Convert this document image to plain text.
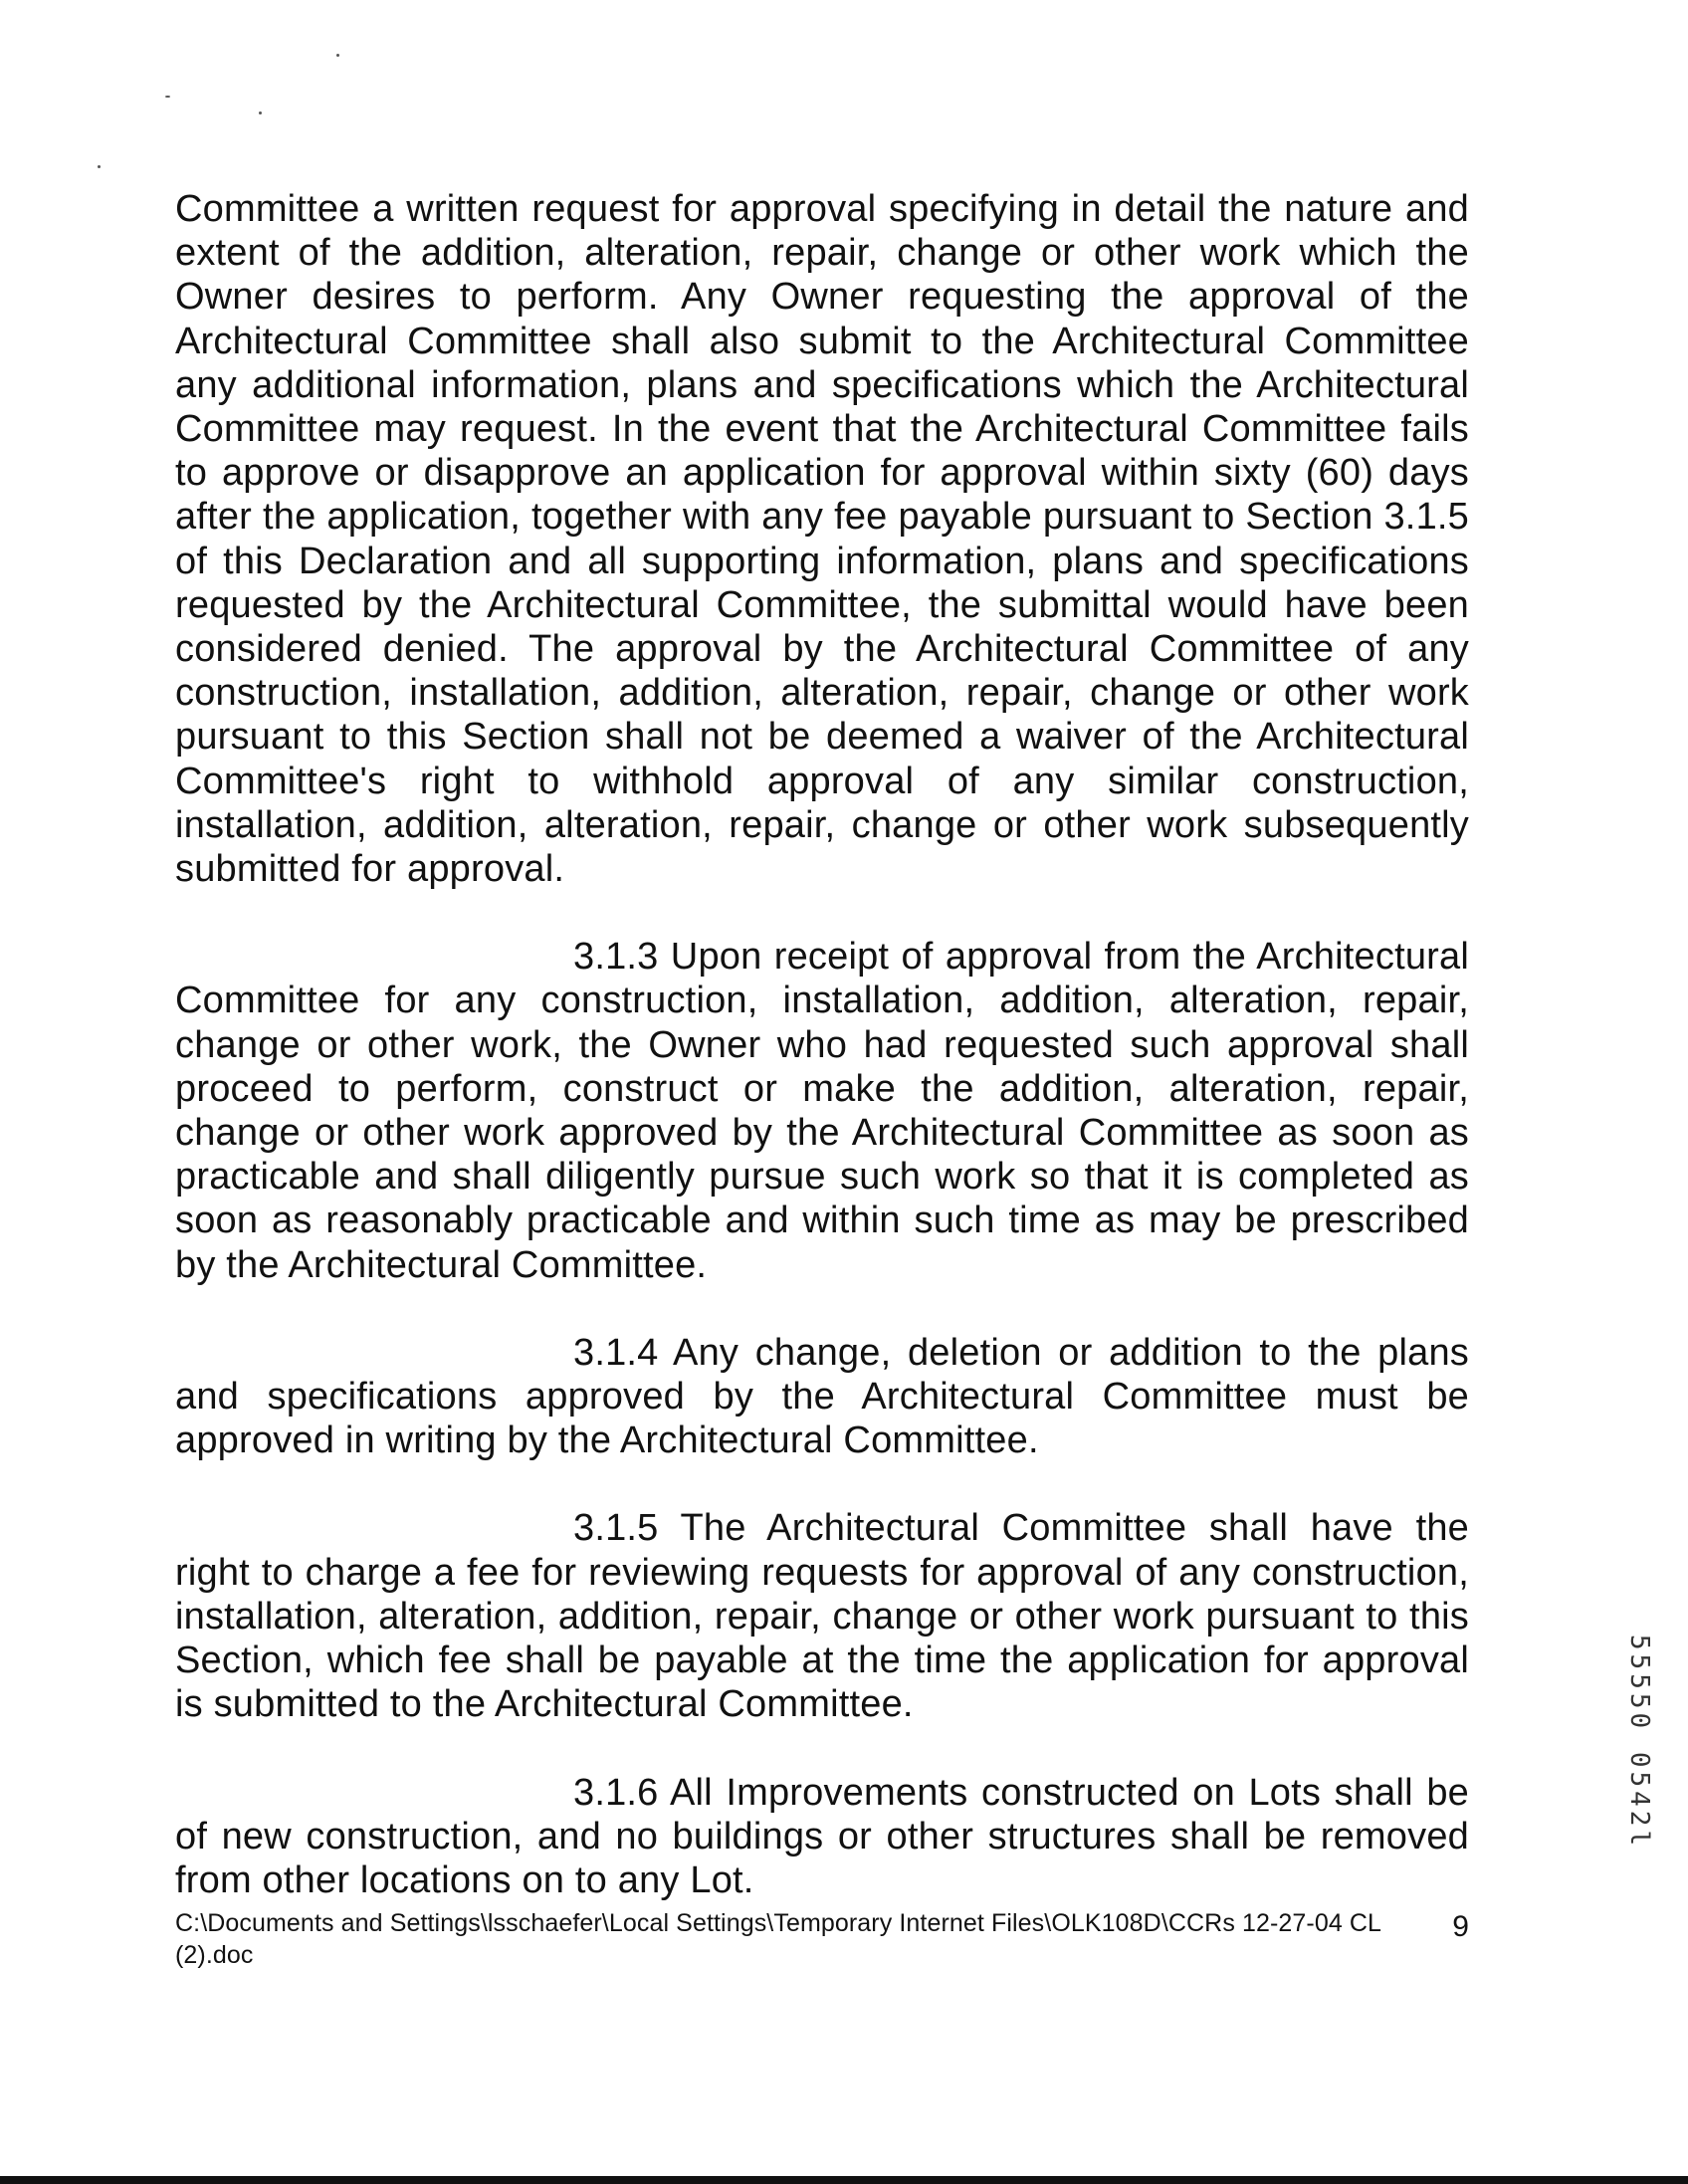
Committee a written request for approval specifying in detail the nature and extent of the addition, alteration, repair, change or other work which the Owner desires to perform. Any Owner requesting the approval of the Architectural Committee shall also submit to the Architectural Committee any additional information, plans and specifications which the Architectural Committee may request. In the event that the Architectural Committee fails to approve or disapprove an application for approval within sixty (60) days after the application, together with any fee payable pursuant to Section 3.1.5 of this Declaration and all supporting information, plans and specifications requested by the Architectural Committee, the submittal would have been considered denied. The approval by the Architectural Committee of any construction, installation, addition, alteration, repair, change or other work pursuant to this Section shall not be deemed a waiver of the Architectural Committee's right to withhold approval of any similar construction, installation, addition, alteration, repair, change or other work subsequently submitted for approval.

3.1.3 Upon receipt of approval from the Architectural Committee for any construction, installation, addition, alteration, repair, change or other work, the Owner who had requested such approval shall proceed to perform, construct or make the addition, alteration, repair, change or other work approved by the Architectural Committee as soon as practicable and shall diligently pursue such work so that it is completed as soon as reasonably practicable and within such time as may be prescribed by the Architectural Committee.

3.1.4 Any change, deletion or addition to the plans and specifications approved by the Architectural Committee must be approved in writing by the Architectural Committee.

3.1.5 The Architectural Committee shall have the right to charge a fee for reviewing requests for approval of any construction, installation, alteration, addition, repair, change or other work pursuant to this Section, which fee shall be payable at the time the application for approval is submitted to the Architectural Committee.

3.1.6 All Improvements constructed on Lots shall be of new construction, and no buildings or other structures shall be removed from other locations on to any Lot.

C:\Documents and Settings\lsschaefer\Local Settings\Temporary Internet Files\OLK108D\CCRs 12-27-04 CL (2).doc
9
55550 0542l
